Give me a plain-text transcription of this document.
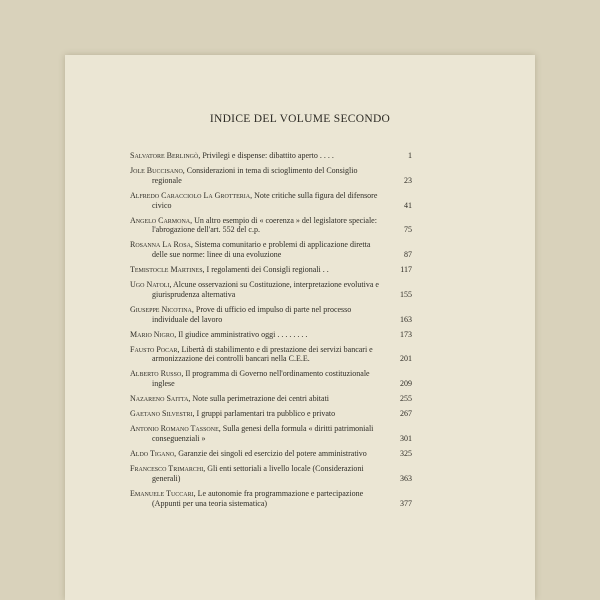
INDICE DEL VOLUME SECONDO
Salvatore Berlingò, Privilegi e dispense: dibattito aperto . . . .	1
Jole Buccisano, Considerazioni in tema di scioglimento del Consiglio regionale	23
Alfredo Caracciolo La Grotteria, Note critiche sulla figura del difensore civico	41
Angelo Carmona, Un altro esempio di « coerenza » del legislatore speciale: l'abrogazione dell'art. 552 del c.p.	75
Rosanna La Rosa, Sistema comunitario e problemi di applicazione diretta delle sue norme: linee di una evoluzione	87
Temistocle Martines, I regolamenti dei Consigli regionali . .	117
Ugo Natoli, Alcune osservazioni su Costituzione, interpretazione evolutiva e giurisprudenza alternativa	155
Giuseppe Nicotina, Prove di ufficio ed impulso di parte nel processo individuale del lavoro	163
Mario Nigro, Il giudice amministrativo oggi . . . . . . . .	173
Fausto Pocar, Libertà di stabilimento e di prestazione dei servizi bancari e armonizzazione dei controlli bancari nella C.E.E.	201
Alberto Russo, Il programma di Governo nell'ordinamento costituzionale inglese	209
Nazareno Saitta, Note sulla perimetrazione dei centri abitati	255
Gaetano Silvestri, I gruppi parlamentari tra pubblico e privato	267
Antonio Romano Tassone, Sulla genesi della formula « diritti patrimoniali conseguenziali »	301
Aldo Tigano, Garanzie dei singoli ed esercizio del potere amministrativo	325
Francesco Trimarchi, Gli enti settoriali a livello locale (Considerazioni generali)	363
Emanuele Tuccari, Le autonomie fra programmazione e partecipazione (Appunti per una teoria sistematica)	377
